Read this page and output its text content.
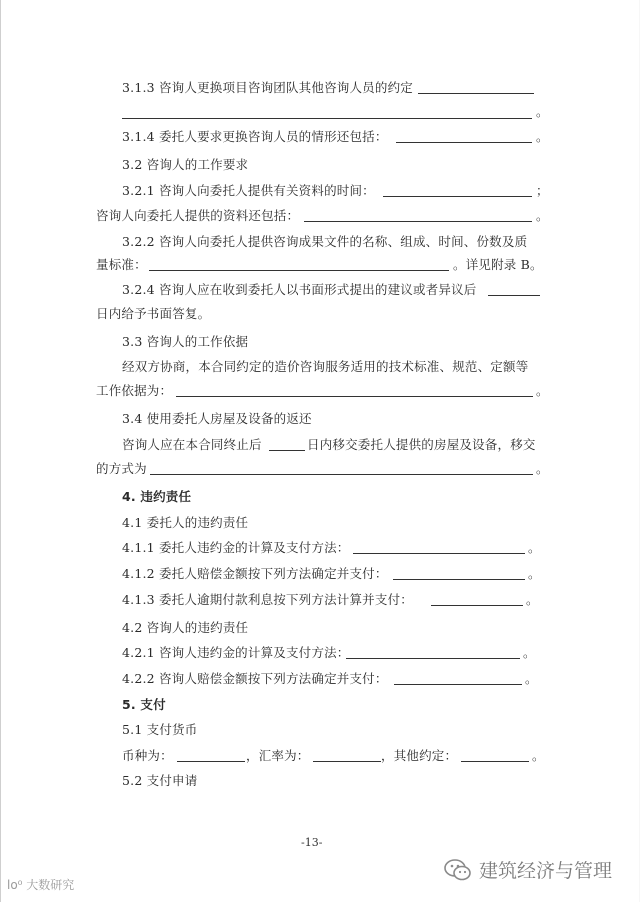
3.1.3 咨询人更换项目咨询团队其他咨询人员的约定
。
3.1.4 委托人要求更换咨询人员的情形还包括：	。
3.2 咨询人的工作要求
3.2.1 咨询人向委托人提供有关资料的时间：	；
咨询人向委托人提供的资料还包括：	。
3.2.2 咨询人向委托人提供咨询成果文件的名称、组成、时间、份数及质
量标准：	。详见附录 B。
3.2.4 咨询人应在收到委托人以书面形式提出的建议或者异议后
日内给予书面答复。
3.3 咨询人的工作依据
经双方协商，本合同约定的造价咨询服务适用的技术标准、规范、定额等
工作依据为：	。
3.4 使用委托人房屋及设备的返还
咨询人应在本合同终止后	日内移交委托人提供的房屋及设备，移交
的方式为	。
4. 违约责任
4.1 委托人的违约责任
4.1.1 委托人违约金的计算及支付方法：	。
4.1.2 委托人赔偿金额按下列方法确定并支付：	。
4.1.3 委托人逾期付款利息按下列方法计算并支付：	。
4.2 咨询人的违约责任
4.2.1 咨询人违约金的计算及支付方法：	。
4.2.2 咨询人赔偿金额按下列方法确定并支付：	。
5. 支付
5.1 支付货币
币种为：	，汇率为：	，其他约定：	。
5.2 支付申请
-13-
lo⁰ 大数研究
建筑经济与管理
